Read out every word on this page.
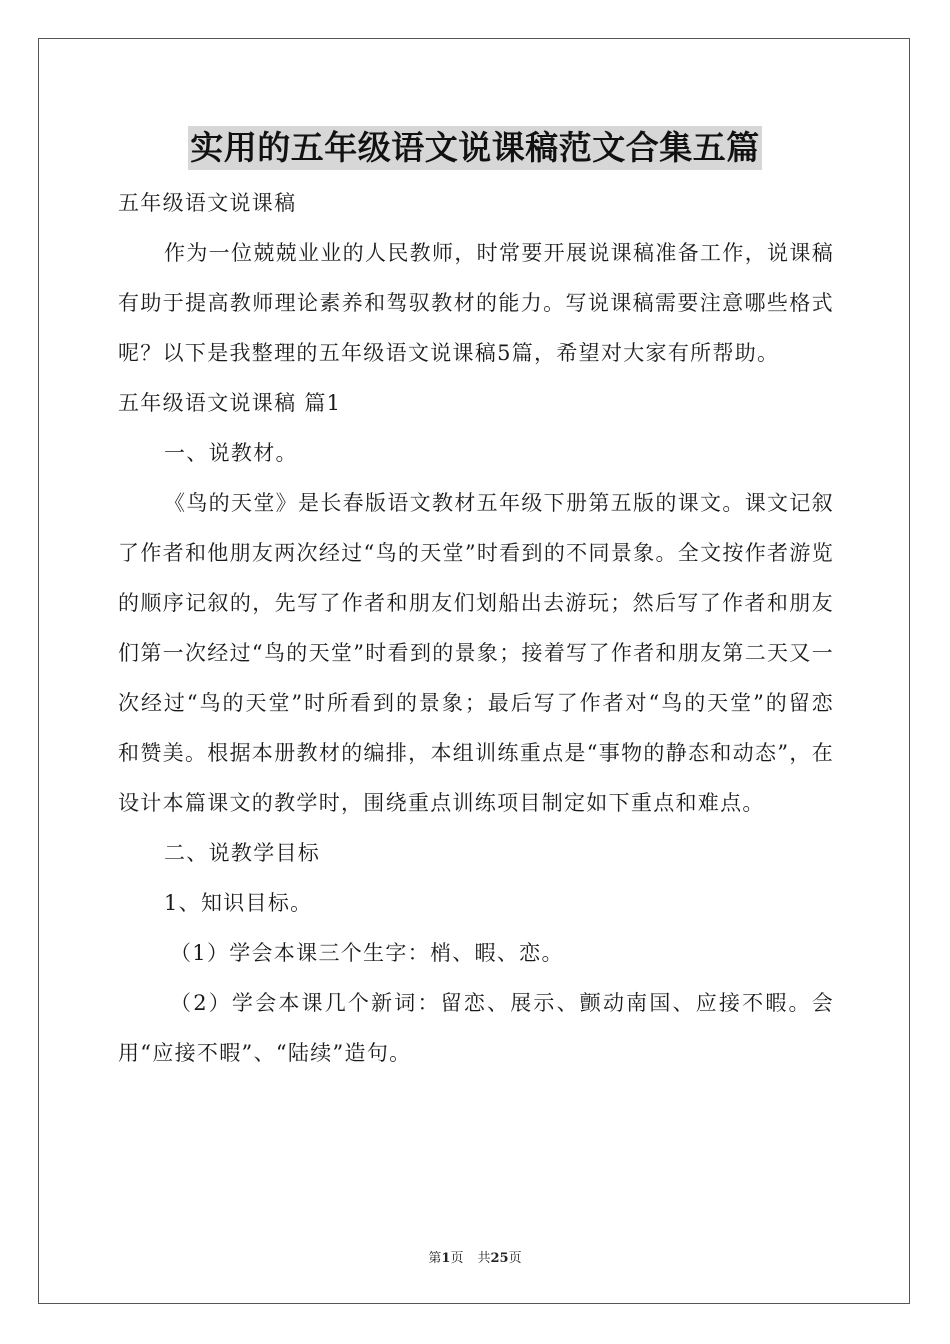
实用的五年级语文说课稿范文合集五篇

五年级语文说课稿

作为一位兢兢业业的人民教师，时常要开展说课稿准备工作，说课稿有助于提高教师理论素养和驾驭教材的能力。写说课稿需要注意哪些格式呢？以下是我整理的五年级语文说课稿5篇，希望对大家有所帮助。

五年级语文说课稿 篇1

一、说教材。

《鸟的天堂》是长春版语文教材五年级下册第五版的课文。课文记叙了作者和他朋友两次经过“鸟的天堂”时看到的不同景象。全文按作者游览的顺序记叙的，先写了作者和朋友们划船出去游玩；然后写了作者和朋友们第一次经过“鸟的天堂”时看到的景象；接着写了作者和朋友第二天又一次经过“鸟的天堂”时所看到的景象；最后写了作者对“鸟的天堂”的留恋和赞美。根据本册教材的编排，本组训练重点是“事物的静态和动态”，在设计本篇课文的教学时，围绕重点训练项目制定如下重点和难点。

二、说教学目标

1、知识目标。

（1）学会本课三个生字：梢、暇、恋。

（2）学会本课几个新词：留恋、展示、颤动南国、应接不暇。会用“应接不暇”、“陆续”造句。

第1页 共25页
